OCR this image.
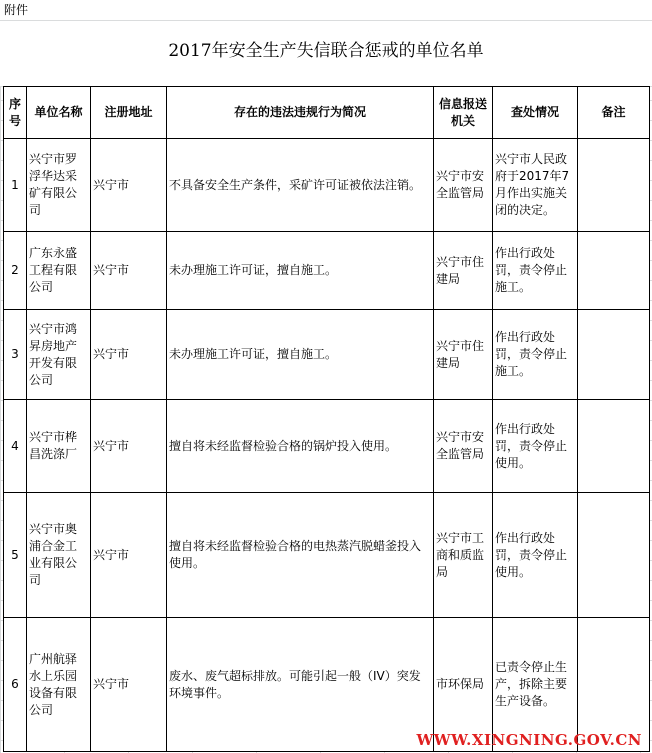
附件
2017年安全生产失信联合惩戒的单位名单
序号	单位名称	注册地址	存在的违法违规行为简况	信息报送机关	查处情况	备注
1	兴宁市罗浮华达采矿有限公司	兴宁市	不具备安全生产条件，采矿许可证被依法注销。	兴宁市安全监管局	兴宁市人民政府于2017年7月作出实施关闭的决定。	
2	广东永盛工程有限公司	兴宁市	未办理施工许可证，擅自施工。	兴宁市住建局	作出行政处罚，责令停止施工。	
3	兴宁市鸿昇房地产开发有限公司	兴宁市	未办理施工许可证，擅自施工。	兴宁市住建局	作出行政处罚，责令停止施工。	
4	兴宁市桦昌洗涤厂	兴宁市	擅自将未经监督检验合格的锅炉投入使用。	兴宁市安全监管局	作出行政处罚，责令停止使用。	
5	兴宁市奥浦合金工业有限公司	兴宁市	擅自将未经监督检验合格的电热蒸汽脱蜡釜投入使用。	兴宁市工商和质监局	作出行政处罚，责令停止使用。	
6	广州航驿水上乐园设备有限公司	兴宁市	废水、废气超标排放。可能引起一般（IV）突发环境事件。	市环保局	已责令停止生产，拆除主要生产设备。	
WWW.XINGNING.GOV.CN
